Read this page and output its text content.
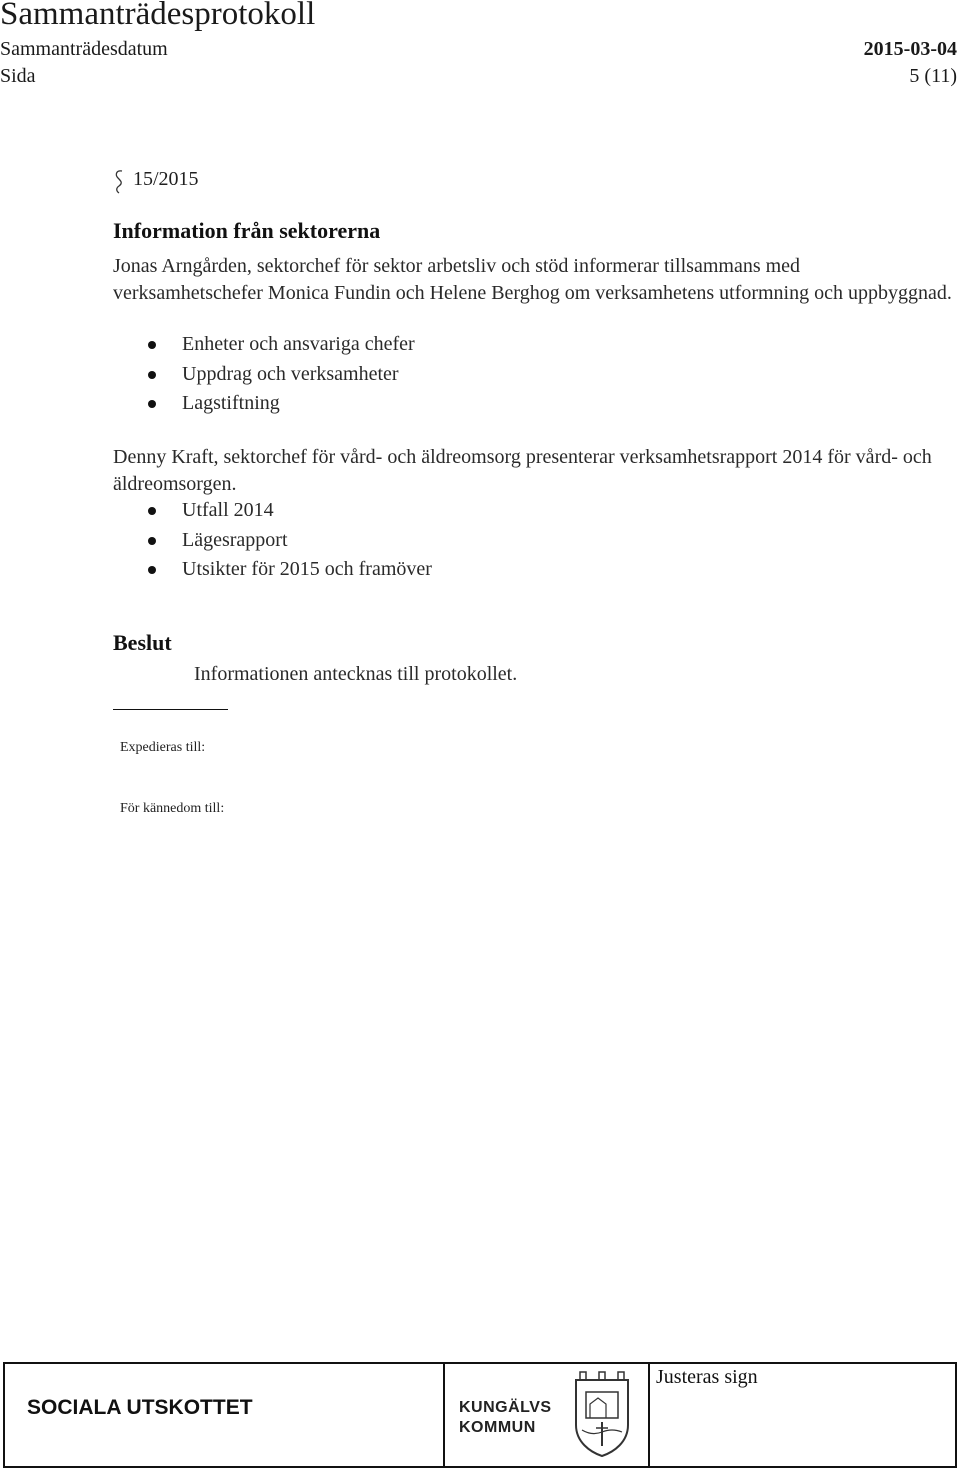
Sammanträdesprotokoll
Sammanträdesdatum	2015-03-04
Sida	5 (11)
15/2015
Information från sektorerna
Jonas Arngården, sektorchef för sektor arbetsliv och stöd informerar tillsammans med verksamhetschefer Monica Fundin och Helene Berghog om verksamhetens utformning och uppbyggnad.
Enheter och ansvariga chefer
Uppdrag och verksamheter
Lagstiftning
Denny Kraft, sektorchef för vård- och äldreomsorg presenterar verksamhetsrapport 2014 för vård- och äldreomsorgen.
Utfall 2014
Lägesrapport
Utsikter för 2015 och framöver
Beslut
Informationen antecknas till protokollet.
Expedieras till:
För kännedom till:
SOCIALA UTSKOTTET	KUNGÄLVS
KOMMUN
Justeras sign
